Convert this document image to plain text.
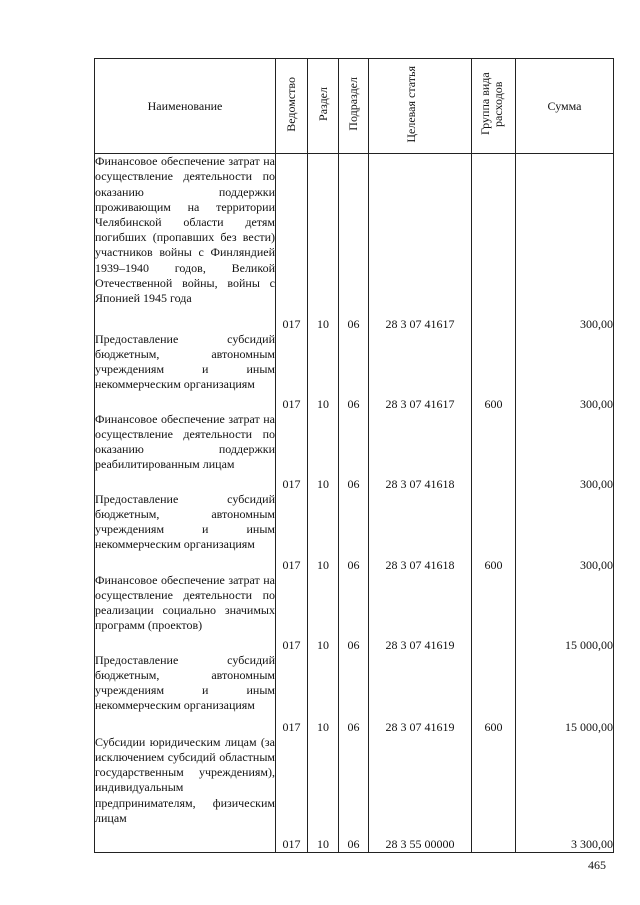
Наименование	Ведомство	Раздел	Подраздел	Целевая статья	Группа вида расходов	Сумма
Финансовое обеспечение затрат на осуществление деятельности по оказанию поддержки проживающим на территории Челябинской области детям погибших (пропавших без вести) участников войны с Финляндией 1939–1940 годов, Великой Отечественной войны, войны с Японией 1945 года	017	10	06	28 3 07 41617		300,00
Предоставление субсидий бюджетным, автономным учреждениям и иным некоммерческим организациям	017	10	06	28 3 07 41617	600	300,00
Финансовое обеспечение затрат на осуществление деятельности по оказанию поддержки реабилитированным лицам	017	10	06	28 3 07 41618		300,00
Предоставление субсидий бюджетным, автономным учреждениям и иным некоммерческим организациям	017	10	06	28 3 07 41618	600	300,00
Финансовое обеспечение затрат на осуществление деятельности по реализации социально значимых программ (проектов)	017	10	06	28 3 07 41619		15 000,00
Предоставление субсидий бюджетным, автономным учреждениям и иным некоммерческим организациям	017	10	06	28 3 07 41619	600	15 000,00
Субсидии юридическим лицам (за исключением субсидий областным государственным учреждениям), индивидуальным предпринимателям, физическим лицам	017	10	06	28 3 55 00000		3 300,00
465
